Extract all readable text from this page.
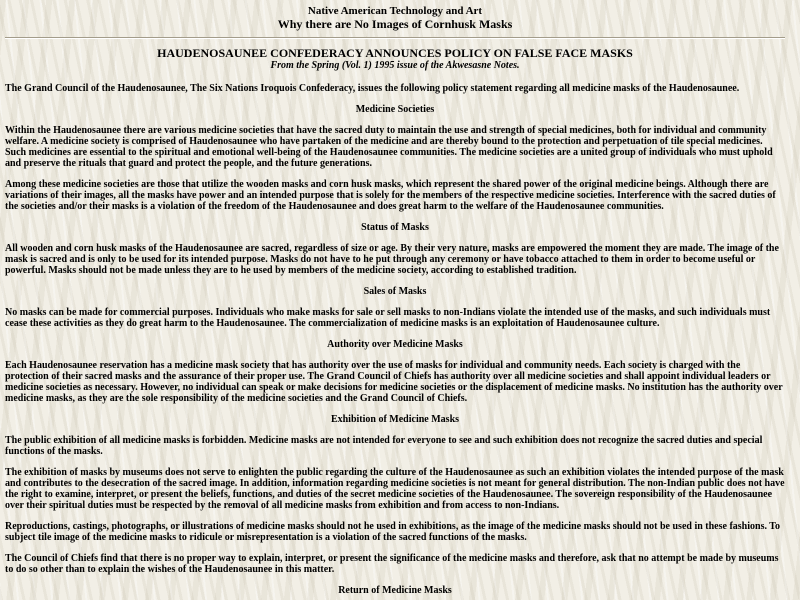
Native American Technology and Art
Why there are No Images of Cornhusk Masks
HAUDENOSAUNEE CONFEDERACY ANNOUNCES POLICY ON FALSE FACE MASKS
From the Spring (Vol. 1) 1995 issue of the Akwesasne Notes.

The Grand Council of the Haudenosaunee, The Six Nations Iroquois Confederacy, issues the following policy statement regarding all medicine masks of the Haudenosaunee.

Medicine Societies

Within the Haudenosaunee there are various medicine societies that have the sacred duty to maintain the use and strength of special medicines, both for individual and community welfare. A medicine society is comprised of Haudenosaunee who have partaken of the medicine and are thereby bound to the protection and perpetuation of tile special medicines. Such medicines are essential to the spiritual and emotional well-being of the Haudenosaunee communities. The medicine societies are a united group of individuals who must uphold and preserve the rituals that guard and protect the people, and the future generations.

Among these medicine societies are those that utilize the wooden masks and corn husk masks, which represent the shared power of the original medicine beings. Although there are variations of their images, all the masks have power and an intended purpose that is solely for the members of the respective medicine societies. Interference with the sacred duties of the societies and/or their masks is a violation of the freedom of the Haudenosaunee and does great harm to the welfare of the Haudenosaunee communities.

Status of Masks

All wooden and corn husk masks of the Haudenosaunee are sacred, regardless of size or age. By their very nature, masks are empowered the moment they are made. The image of the mask is sacred and is only to be used for its intended purpose. Masks do not have to he put through any ceremony or have tobacco attached to them in order to become useful or powerful. Masks should not be made unless they are to he used by members of the medicine society, according to established tradition.

Sales of Masks

No masks can be made for commercial purposes. Individuals who make masks for sale or sell masks to non-Indians violate the intended use of the masks, and such individuals must cease these activities as they do great harm to the Haudenosaunee. The commercialization of medicine masks is an exploitation of Haudenosaunee culture.

Authority over Medicine Masks

Each Haudenosaunee reservation has a medicine mask society that has authority over the use of masks for individual and community needs. Each society is charged with the protection of their sacred masks and the assurance of their proper use. The Grand Council of Chiefs has authority over all medicine societies and shall appoint individual leaders or medicine societies as necessary. However, no individual can speak or make decisions for medicine societies or the displacement of medicine masks. No institution has the authority over medicine masks, as they are the sole responsibility of the medicine societies and the Grand Council of Chiefs.

Exhibition of Medicine Masks

The public exhibition of all medicine masks is forbidden. Medicine masks are not intended for everyone to see and such exhibition does not recognize the sacred duties and special functions of the masks.

The exhibition of masks by museums does not serve to enlighten the public regarding the culture of the Haudenosaunee as such an exhibition violates the intended purpose of the mask and contributes to the desecration of the sacred image. In addition, information regarding medicine societies is not meant for general distribution. The non-Indian public does not have the right to examine, interpret, or present the beliefs, functions, and duties of the secret medicine societies of the Haudenosaunee. The sovereign responsibility of the Haudenosaunee over their spiritual duties must be respected by the removal of all medicine masks from exhibition and from access to non-Indians.

Reproductions, castings, photographs, or illustrations of medicine masks should not he used in exhibitions, as the image of the medicine masks should not be used in these fashions. To subject tile image of the medicine masks to ridicule or misrepresentation is a violation of the sacred functions of the masks.

The Council of Chiefs find that there is no proper way to explain, interpret, or present the significance of the medicine masks and therefore, ask that no attempt be made by museums to do so other than to explain the wishes of the Haudenosaunee in this matter.

Return of Medicine Masks
